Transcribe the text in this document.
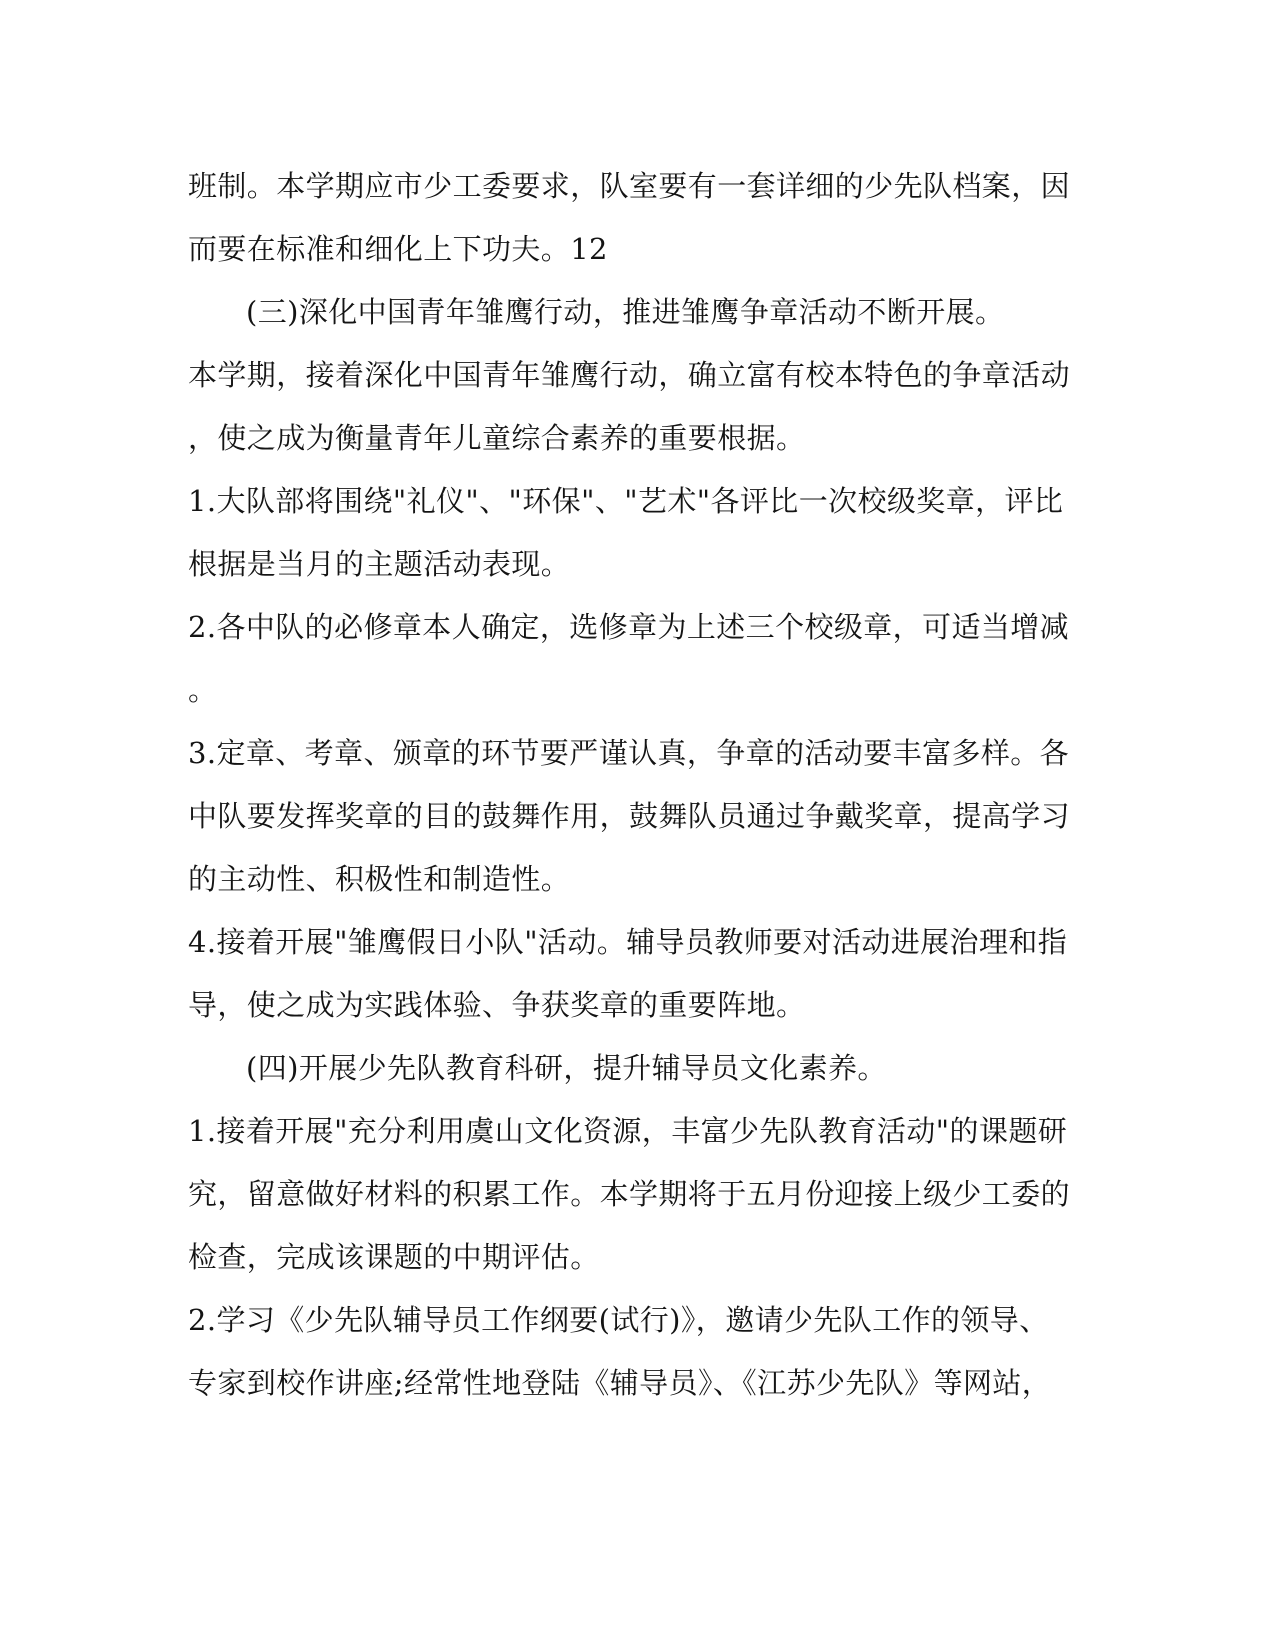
班制。本学期应市少工委要求，队室要有一套详细的少先队档案，因
而要在标准和细化上下功夫。12
(三)深化中国青年雏鹰行动，推进雏鹰争章活动不断开展。
本学期，接着深化中国青年雏鹰行动，确立富有校本特色的争章活动
，使之成为衡量青年儿童综合素养的重要根据。
1.大队部将围绕"礼仪"、"环保"、"艺术"各评比一次校级奖章，评比
根据是当月的主题活动表现。
2.各中队的必修章本人确定，选修章为上述三个校级章，可适当增减
。
3.定章、考章、颁章的环节要严谨认真，争章的活动要丰富多样。各
中队要发挥奖章的目的鼓舞作用，鼓舞队员通过争戴奖章，提高学习
的主动性、积极性和制造性。
4.接着开展"雏鹰假日小队"活动。辅导员教师要对活动进展治理和指
导，使之成为实践体验、争获奖章的重要阵地。
(四)开展少先队教育科研，提升辅导员文化素养。
1.接着开展"充分利用虞山文化资源，丰富少先队教育活动"的课题研
究，留意做好材料的积累工作。本学期将于五月份迎接上级少工委的
检查，完成该课题的中期评估。
2.学习《少先队辅导员工作纲要(试行)》，邀请少先队工作的领导、
专家到校作讲座;经常性地登陆《辅导员》、《江苏少先队》等网站，
